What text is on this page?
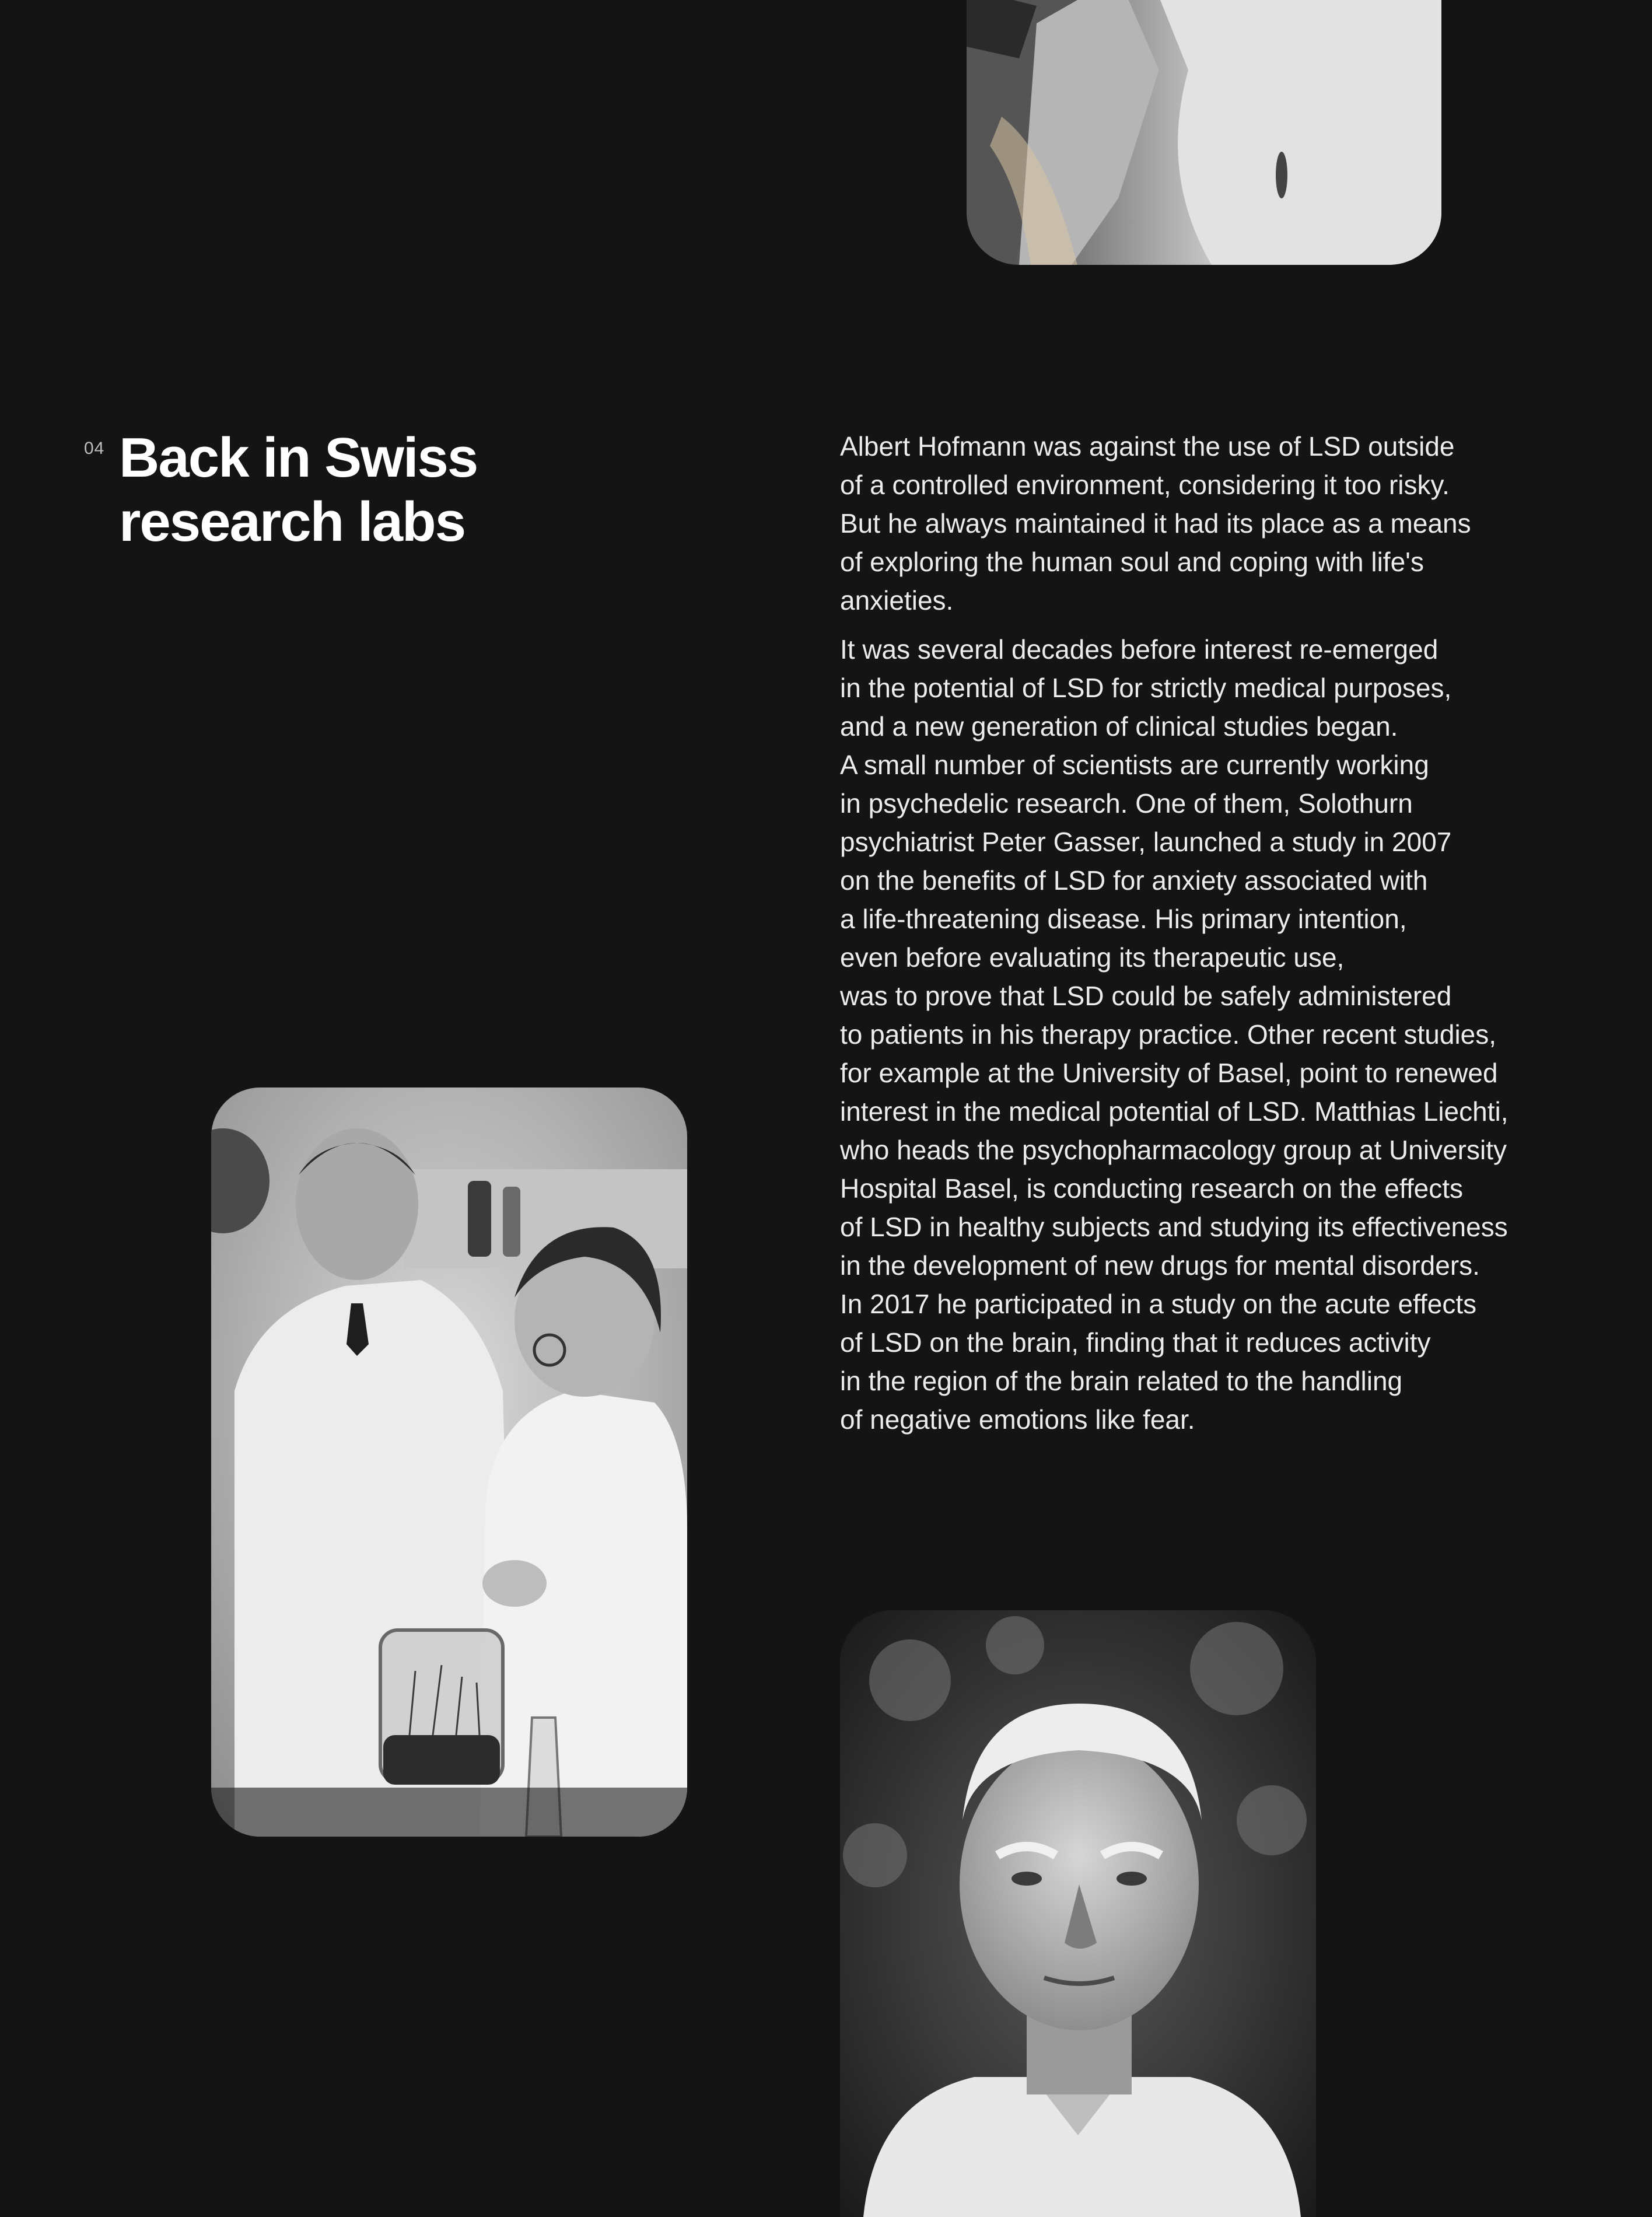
04 Back in Swiss
research labs

Albert Hofmann was against the use of LSD outside
of a controlled environment, considering it too risky.
But he always maintained it had its place as a means
of exploring the human soul and coping with life's
anxieties.

It was several decades before interest re-emerged
in the potential of LSD for strictly medical purposes,
and a new generation of clinical studies began.
A small number of scientists are currently working
in psychedelic research. One of them, Solothurn
psychiatrist Peter Gasser, launched a study in 2007
on the benefits of LSD for anxiety associated with
a life-threatening disease. His primary intention,
even before evaluating its therapeutic use,
was to prove that LSD could be safely administered
to patients in his therapy practice. Other recent studies,
for example at the University of Basel, point to renewed
interest in the medical potential of LSD. Matthias Liechti,
who heads the psychopharmacology group at University
Hospital Basel, is conducting research on the effects
of LSD in healthy subjects and studying its effectiveness
in the development of new drugs for mental disorders.
In 2017 he participated in a study on the acute effects
of LSD on the brain, finding that it reduces activity
in the region of the brain related to the handling
of negative emotions like fear.
